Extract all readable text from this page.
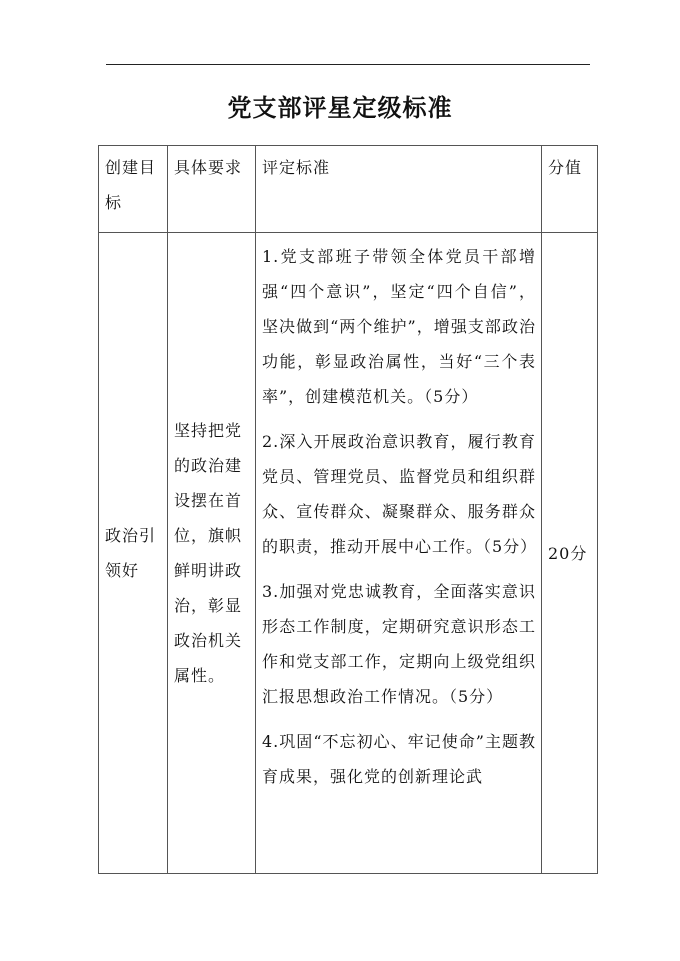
党支部评星定级标准
创建目标	具体要求	评定标准	分值

政治引领好	坚持把党的政治建设摆在首位，旗帜鲜明讲政治，彰显政治机关属性。	1.党支部班子带领全体党员干部增强“四个意识”，坚定“四个自信”，坚决做到“两个维护”，增强支部政治功能，彰显政治属性，当好“三个表率”，创建模范机关。（5分）

2.深入开展政治意识教育，履行教育党员、管理党员、监督党员和组织群众、宣传群众、凝聚群众、服务群众的职责，推动开展中心工作。（5分）

3.加强对党忠诚教育，全面落实意识形态工作制度，定期研究意识形态工作和党支部工作，定期向上级党组织汇报思想政治工作情况。（5分）

4.巩固“不忘初心、牢记使命”主题教育成果，强化党的创新理论武	20分
